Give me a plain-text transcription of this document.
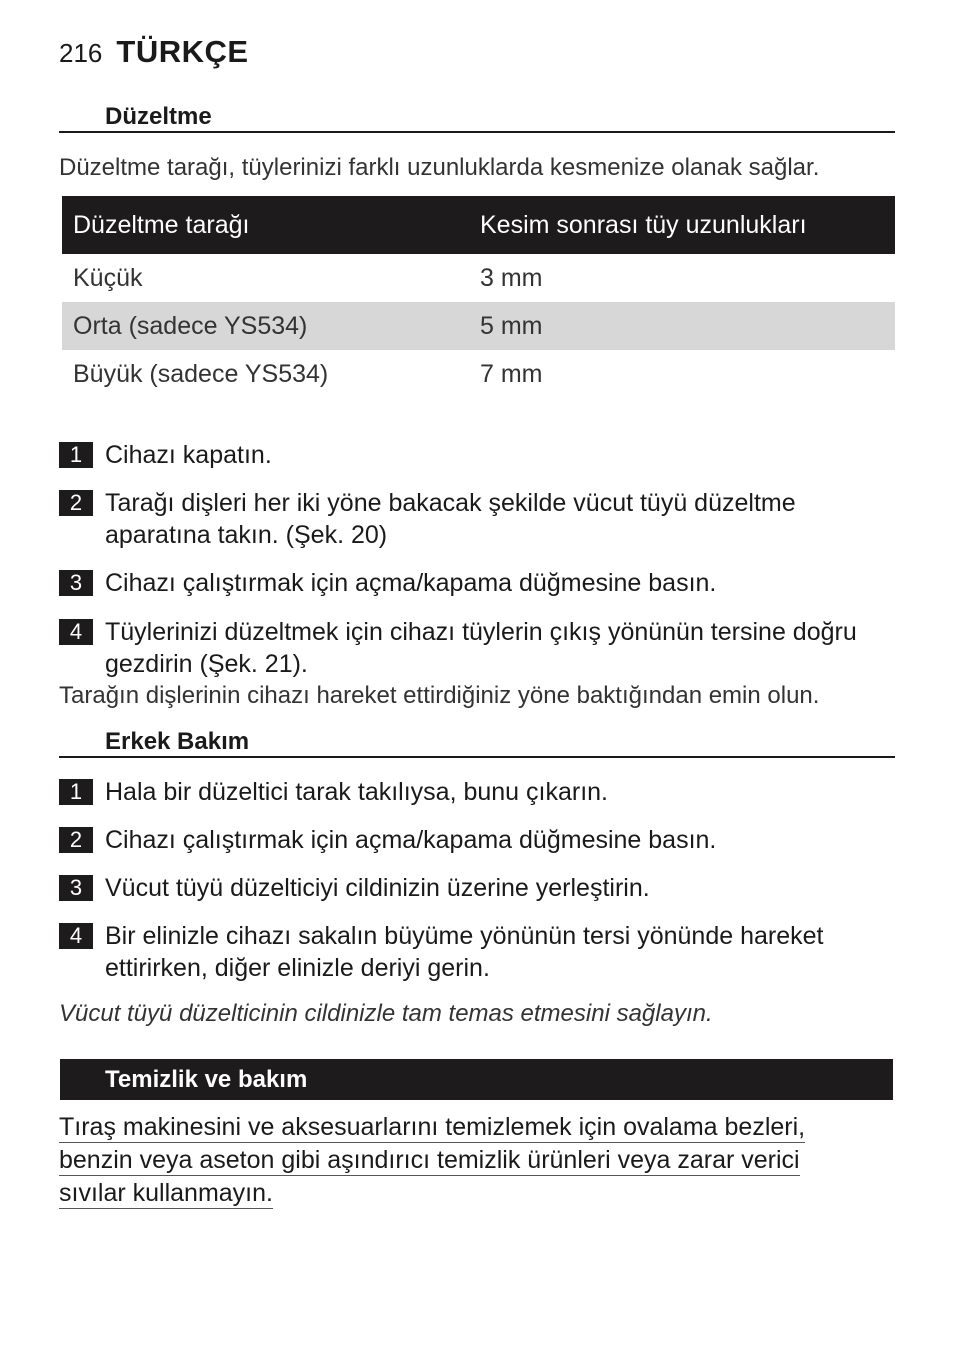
216 TÜRKÇE
Düzeltme
Düzeltme tarağı, tüylerinizi farklı uzunluklarda kesmenize olanak sağlar.
Düzeltme tarağı	Kesim sonrası tüy uzunlukları
Küçük	3 mm
Orta (sadece YS534)	5 mm
Büyük (sadece YS534)	7 mm
1 Cihazı kapatın.
2 Tarağı dişleri her iki yöne bakacak şekilde vücut tüyü düzeltme aparatına takın. (Şek. 20)
3 Cihazı çalıştırmak için açma/kapama düğmesine basın.
4 Tüylerinizi düzeltmek için cihazı tüylerin çıkış yönünün tersine doğru gezdirin (Şek. 21).
Tarağın dişlerinin cihazı hareket ettirdiğiniz yöne baktığından emin olun.
Erkek Bakım
1 Hala bir düzeltici tarak takılıysa, bunu çıkarın.
2 Cihazı çalıştırmak için açma/kapama düğmesine basın.
3 Vücut tüyü düzelticiyi cildinizin üzerine yerleştirin.
4 Bir elinizle cihazı sakalın büyüme yönünün tersi yönünde hareket ettirirken, diğer elinizle deriyi gerin.
Vücut tüyü düzelticinin cildinizle tam temas etmesini sağlayın.
Temizlik ve bakım
Tıraş makinesini ve aksesuarlarını temizlemek için ovalama bezleri,
benzin veya aseton gibi aşındırıcı temizlik ürünleri veya zarar verici
sıvılar kullanmayın.
